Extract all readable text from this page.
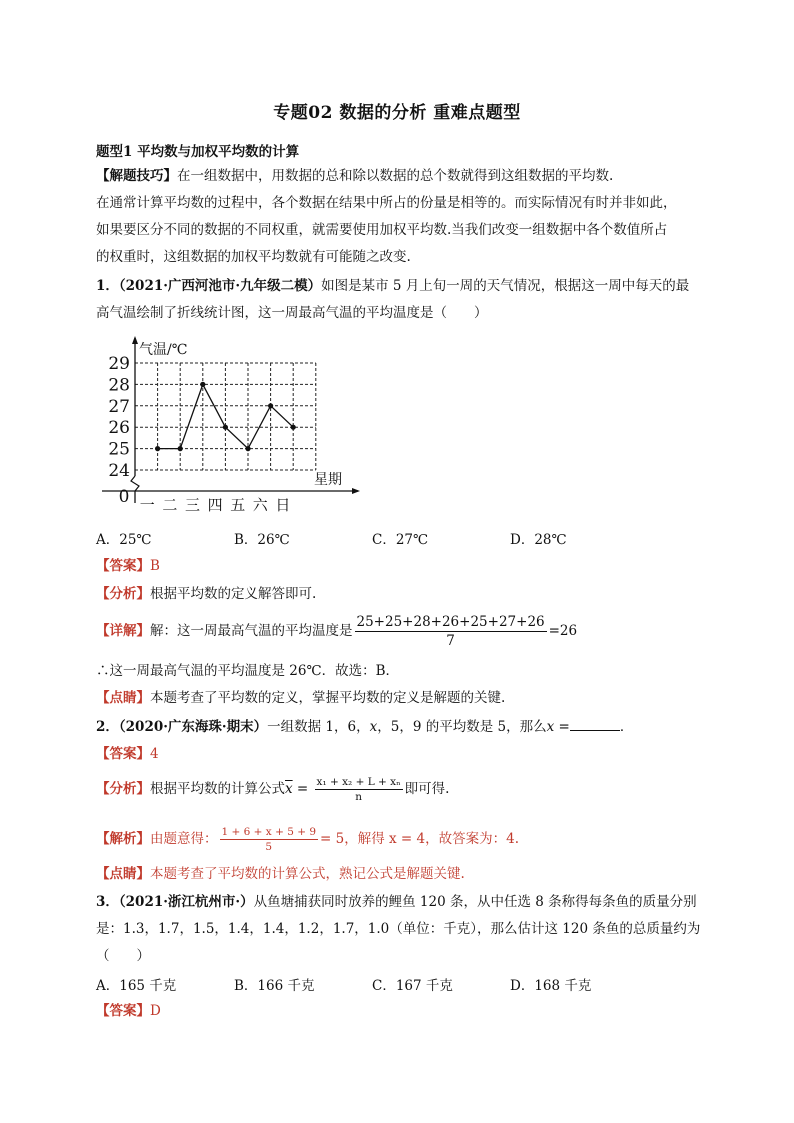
专题02 数据的分析 重难点题型
题型1 平均数与加权平均数的计算
【解题技巧】在一组数据中，用数据的总和除以数据的总个数就得到这组数据的平均数.
在通常计算平均数的过程中，各个数据在结果中所占的份量是相等的。而实际情况有时并非如此，
如果要区分不同的数据的不同权重，就需要使用加权平均数.当我们改变一组数据中各个数值所占
的权重时，这组数据的加权平均数就有可能随之改变.
1．（2021·广西河池市·九年级二模）如图是某市 5 月上旬一周的天气情况，根据这一周中每天的最
高气温绘制了折线统计图，这一周最高气温的平均温度是（　　）
29
28
27
26
25
24
0
气温/℃
星期
一 二 三 四 五 六 日
A．25℃	B．26℃	C．27℃	D．28℃
【答案】B
【分析】根据平均数的定义解答即可.
【详解】解：这一周最高气温的平均温度是 $\frac{25+25+28+26+25+27+26}{7} =26$
∴这一周最高气温的平均温度是 26℃．故选：B．
【点睛】本题考查了平均数的定义，掌握平均数的定义是解题的关键.
2．（2020·广东海珠·期末）一组数据 1，6，x，5，9 的平均数是 5，那么x =	．
【答案】4
【分析】根据平均数的计算公式$\overline{x} = \frac{\text{x₁ + x₂ + L + xₙ}}{n}$ 即可得.
【解析】由题意得： $\frac{1 + 6 + x + 5 + 9}{5} = 5$，解得 x = 4，故答案为：4.
【点睛】本题考查了平均数的计算公式，熟记公式是解题关键.
3．（2021·浙江杭州市·）从鱼塘捕获同时放养的鲤鱼 120 条，从中任选 8 条称得每条鱼的质量分别
是：1.3，1.7，1.5，1.4，1.4，1.2，1.7，1.0（单位：千克），那么估计这 120 条鱼的总质量约为
（　　）
A．165 千克	B．166 千克	C．167 千克	D．168 千克
【答案】D
